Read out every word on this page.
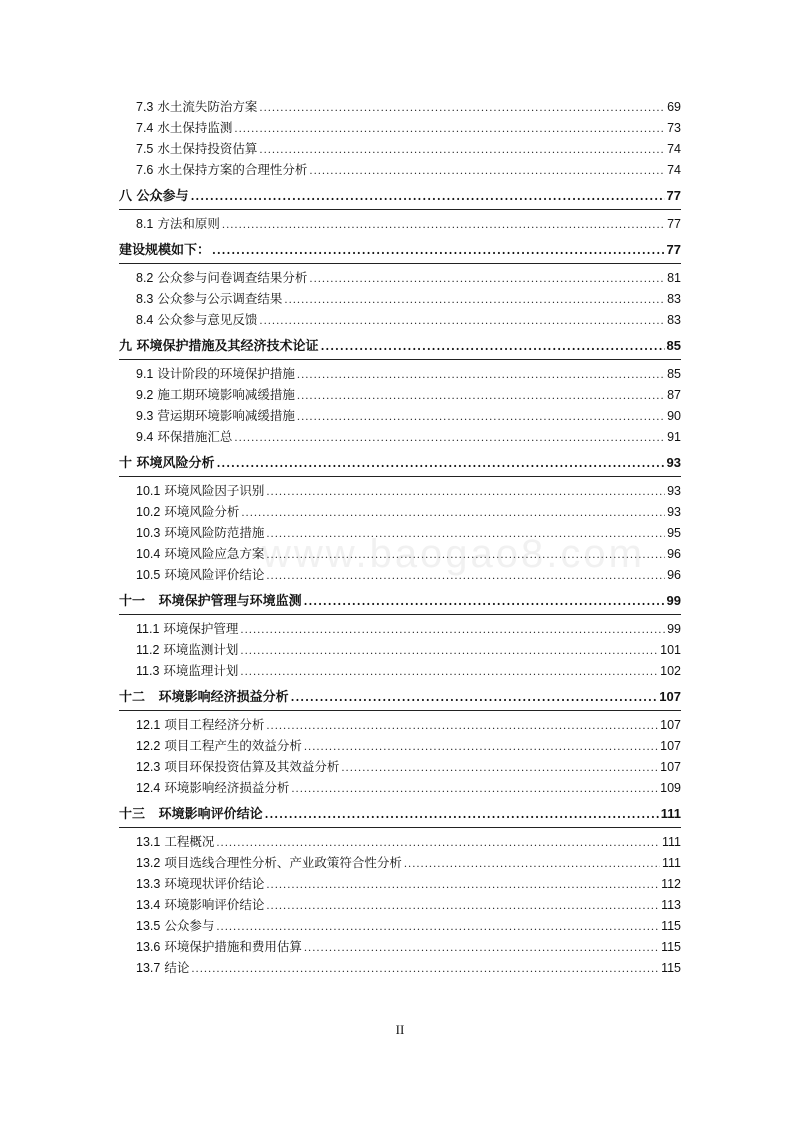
7.3 水土流失防治方案 .....	69
7.4 水土保持监测 .....	73
7.5 水土保持投资估算 .....	74
7.6 水土保持方案的合理性分析 .....	74
八 公众参与 .....	77
8.1 方法和原则 .....	77
建设规模如下： .....	77
8.2 公众参与问卷调查结果分析 .....	81
8.3 公众参与公示调查结果 .....	83
8.4 公众参与意见反馈 .....	83
九 环境保护措施及其经济技术论证 .....	85
9.1 设计阶段的环境保护措施 .....	85
9.2 施工期环境影响减缓措施 .....	87
9.3 营运期环境影响减缓措施 .....	90
9.4 环保措施汇总 .....	91
十 环境风险分析 .....	93
10.1 环境风险因子识别 .....	93
10.2 环境风险分析 .....	93
10.3 环境风险防范措施 .....	95
10.4 环境风险应急方案 .....	96
10.5 环境风险评价结论 .....	96
十一 环境保护管理与环境监测 .....	99
11.1 环境保护管理 .....	99
11.2 环境监测计划 .....	101
11.3 环境监理计划 .....	102
十二 环境影响经济损益分析 .....	107
12.1 项目工程经济分析 .....	107
12.2 项目工程产生的效益分析 .....	107
12.3 项目环保投资估算及其效益分析 .....	107
12.4 环境影响经济损益分析 .....	109
十三 环境影响评价结论 .....	111
13.1 工程概况 .....	111
13.2 项目选线合理性分析、产业政策符合性分析 .....	111
13.3 环境现状评价结论 .....	112
13.4 环境影响评价结论 .....	113
13.5 公众参与 .....	115
13.6 环境保护措施和费用估算 .....	115
13.7 结论 .....	115
www.baogao8.com
II
